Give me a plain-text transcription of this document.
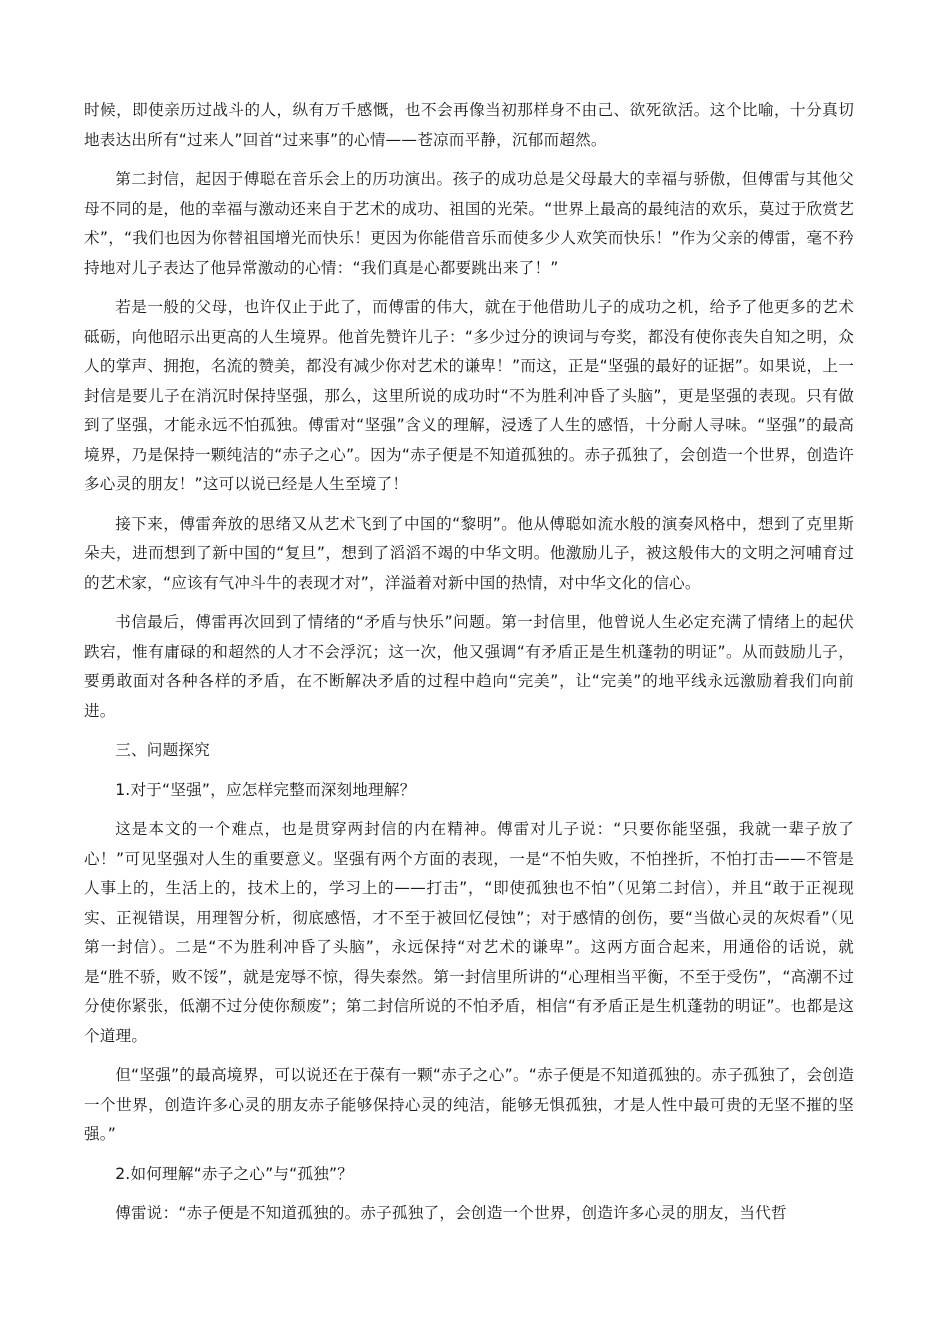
时候，即使亲历过战斗的人，纵有万千感慨，也不会再像当初那样身不由己、欲死欲活。这个比喻，十分真切地表达出所有“过来人”回首“过来事”的心情——苍凉而平静，沉郁而超然。

第二封信，起因于傅聪在音乐会上的历功演出。孩子的成功总是父母最大的幸福与骄傲，但傅雷与其他父母不同的是，他的幸福与激动还来自于艺术的成功、祖国的光荣。“世界上最高的最纯洁的欢乐，莫过于欣赏艺术”，“我们也因为你替祖国增光而快乐！更因为你能借音乐而使多少人欢笑而快乐！”作为父亲的傅雷，毫不矜持地对儿子表达了他异常激动的心情：“我们真是心都要跳出来了！”

若是一般的父母，也许仅止于此了，而傅雷的伟大，就在于他借助儿子的成功之机，给予了他更多的艺术砥砺，向他昭示出更高的人生境界。他首先赞许儿子：“多少过分的谀词与夸奖，都没有使你丧失自知之明，众人的掌声、拥抱，名流的赞美，都没有减少你对艺术的谦卑！”而这，正是“坚强的最好的证据”。如果说，上一封信是要儿子在消沉时保持坚强，那么，这里所说的成功时“不为胜利冲昏了头脑”，更是坚强的表现。只有做到了坚强，才能永远不怕孤独。傅雷对“坚强”含义的理解，浸透了人生的感悟，十分耐人寻味。“坚强”的最高境界，乃是保持一颗纯洁的“赤子之心”。因为“赤子便是不知道孤独的。赤子孤独了，会创造一个世界，创造许多心灵的朋友！”这可以说已经是人生至境了！

接下来，傅雷奔放的思绪又从艺术飞到了中国的“黎明”。他从傅聪如流水般的演奏风格中，想到了克里斯朵夫，进而想到了新中国的“复旦”，想到了滔滔不竭的中华文明。他激励儿子，被这般伟大的文明之河哺育过的艺术家，“应该有气冲斗牛的表现才对”，洋溢着对新中国的热情，对中华文化的信心。

书信最后，傅雷再次回到了情绪的“矛盾与快乐”问题。第一封信里，他曾说人生必定充满了情绪上的起伏跌宕，惟有庸碌的和超然的人才不会浮沉；这一次，他又强调“有矛盾正是生机蓬勃的明证”。从而鼓励儿子，要勇敢面对各种各样的矛盾，在不断解决矛盾的过程中趋向“完美”，让“完美”的地平线永远激励着我们向前进。

三、问题探究

1.对于“坚强”，应怎样完整而深刻地理解？

这是本文的一个难点，也是贯穿两封信的内在精神。傅雷对儿子说：“只要你能坚强，我就一辈子放了心！”可见坚强对人生的重要意义。坚强有两个方面的表现，一是“不怕失败，不怕挫折，不怕打击——不管是人事上的，生活上的，技术上的，学习上的——打击”，“即使孤独也不怕”（见第二封信），并且“敢于正视现实、正视错误，用理智分析，彻底感悟，才不至于被回忆侵蚀”；对于感情的创伤，要“当做心灵的灰烬看”（见第一封信）。二是“不为胜利冲昏了头脑”，永远保持“对艺术的谦卑”。这两方面合起来，用通俗的话说，就是“胜不骄，败不馁”，就是宠辱不惊，得失泰然。第一封信里所讲的“心理相当平衡，不至于受伤”，“高潮不过分使你紧张，低潮不过分使你颓废”；第二封信所说的不怕矛盾，相信“有矛盾正是生机蓬勃的明证”。也都是这个道理。

但“坚强”的最高境界，可以说还在于葆有一颗“赤子之心”。“赤子便是不知道孤独的。赤子孤独了，会创造一个世界，创造许多心灵的朋友赤子能够保持心灵的纯洁，能够无惧孤独，才是人性中最可贵的无坚不摧的坚强。”

2.如何理解“赤子之心”与“孤独”？

傅雷说：“赤子便是不知道孤独的。赤子孤独了，会创造一个世界，创造许多心灵的朋友，当代哲
